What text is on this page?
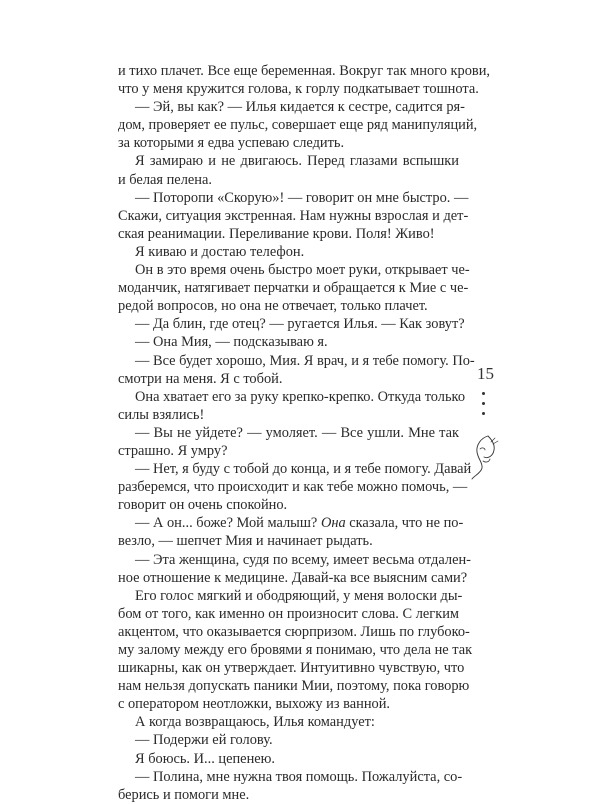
и тихо плачет. Все еще беременная. Вокруг так много крови,
что у меня кружится голова, к горлу подкатывает тошнота.
— Эй, вы как? — Илья кидается к сестре, садится ря-
дом, проверяет ее пульс, совершает еще ряд манипуляций,
за которыми я едва успеваю следить.
Я замираю и не двигаюсь. Перед глазами вспышки
и белая пелена.
— Поторопи «Скорую»! — говорит он мне быстро. —
Скажи, ситуация экстренная. Нам нужны взрослая и дет-
ская реанимации. Переливание крови. Поля! Живо!
Я киваю и достаю телефон.
Он в это время очень быстро моет руки, открывает че-
моданчик, натягивает перчатки и обращается к Мие с че-
редой вопросов, но она не отвечает, только плачет.
— Да блин, где отец? — ругается Илья. — Как зовут?
— Она Мия, — подсказываю я.
— Все будет хорошо, Мия. Я врач, и я тебе помогу. По-
смотри на меня. Я с тобой.
Она хватает его за руку крепко-крепко. Откуда только
силы взялись!
— Вы не уйдете? — умоляет. — Все ушли. Мне так
страшно. Я умру?
— Нет, я буду с тобой до конца, и я тебе помогу. Давай
разберемся, что происходит и как тебе можно помочь, —
говорит он очень спокойно.
— А он... боже? Мой малыш? Она сказала, что не по-
везло, — шепчет Мия и начинает рыдать.
— Эта женщина, судя по всему, имеет весьма отдален-
ное отношение к медицине. Давай-ка все выясним сами?
Его голос мягкий и ободряющий, у меня волоски ды-
бом от того, как именно он произносит слова. С легким
акцентом, что оказывается сюрпризом. Лишь по глубоко-
му залому между его бровями я понимаю, что дела не так
шикарны, как он утверждает. Интуитивно чувствую, что
нам нельзя допускать паники Мии, поэтому, пока говорю
с оператором неотложки, выхожу из ванной.
А когда возвращаюсь, Илья командует:
— Подержи ей голову.
Я боюсь. И... цепенею.
— Полина, мне нужна твоя помощь. Пожалуйста, со-
берись и помоги мне.
15
